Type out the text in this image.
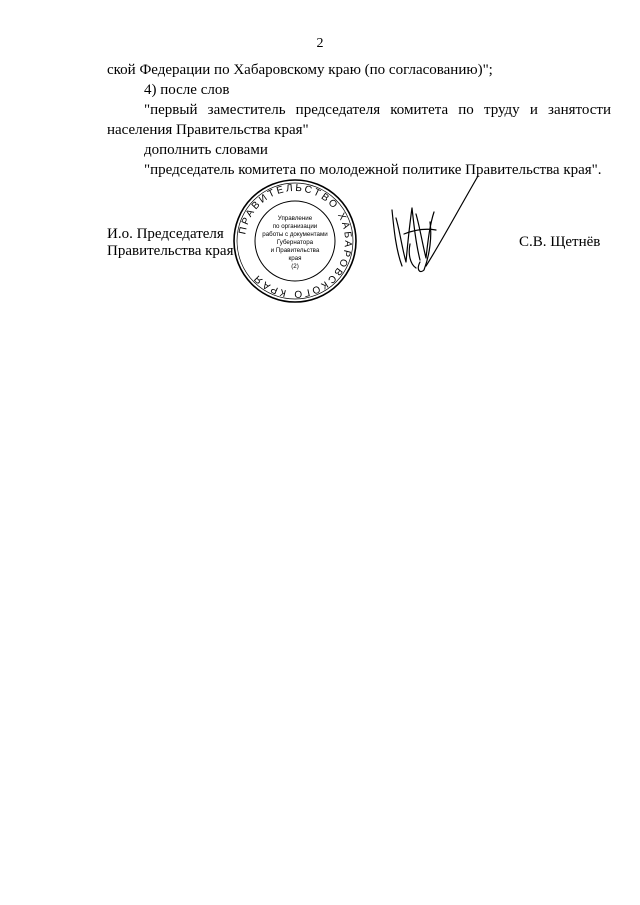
2

ской Федерации по Хабаровскому краю (по согласованию)";

4) после слов

"первый заместитель председателя комитета по труду и занятости населения Правительства края"

дополнить словами

"председатель комитета по молодежной политике Правительства края".

И.о. Председателя
Правительства края
С.В. Щетнёв
ПРАВИТЕЛЬСТВО ХАБАРОВСКОГО КРАЯ
Управление
по организации
работы с документами
Губернатора
и Правительства
края
(2)
